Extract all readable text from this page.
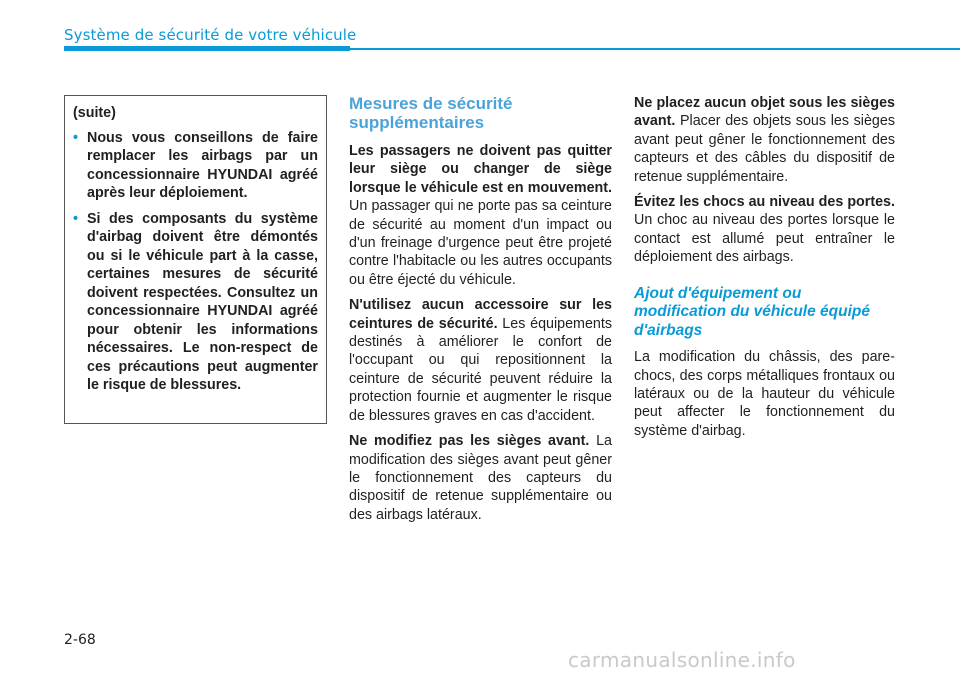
Système de sécurité de votre véhicule

(suite)

• Nous vous conseillons de faire remplacer les airbags par un concessionnaire HYUNDAI agréé après leur déploiement.
• Si des composants du système d'airbag doivent être démontés ou si le véhicule part à la casse, certaines mesures de sécurité doivent respectées. Consultez un concessionnaire HYUNDAI agréé pour obtenir les informations nécessaires. Le non-respect de ces précautions peut augmenter le risque de blessures.
Mesures de sécurité supplémentaires

Les passagers ne doivent pas quitter leur siège ou changer de siège lorsque le véhicule est en mouvement. Un passager qui ne porte pas sa ceinture de sécurité au moment d'un impact ou d'un freinage d'urgence peut être projeté contre l'habitacle ou les autres occupants ou être éjecté du véhicule.

N'utilisez aucun accessoire sur les ceintures de sécurité. Les équipements destinés à améliorer le confort de l'occupant ou qui repositionnent la ceinture de sécurité peuvent réduire la protection fournie et augmenter le risque de blessures graves en cas d'accident.

Ne modifiez pas les sièges avant. La modification des sièges avant peut gêner le fonctionnement des capteurs du dispositif de retenue supplémentaire ou des airbags latéraux.

Ne placez aucun objet sous les sièges avant. Placer des objets sous les sièges avant peut gêner le fonctionnement des capteurs et des câbles du dispositif de retenue supplémentaire.

Évitez les chocs au niveau des portes. Un choc au niveau des portes lorsque le contact est allumé peut entraîner le déploiement des airbags.

Ajout d'équipement ou modification du véhicule équipé d'airbags

La modification du châssis, des pare-chocs, des corps métalliques frontaux ou latéraux ou de la hauteur du véhicule peut affecter le fonctionnement du système d'airbag.

2-68
carmanualsonline.info
